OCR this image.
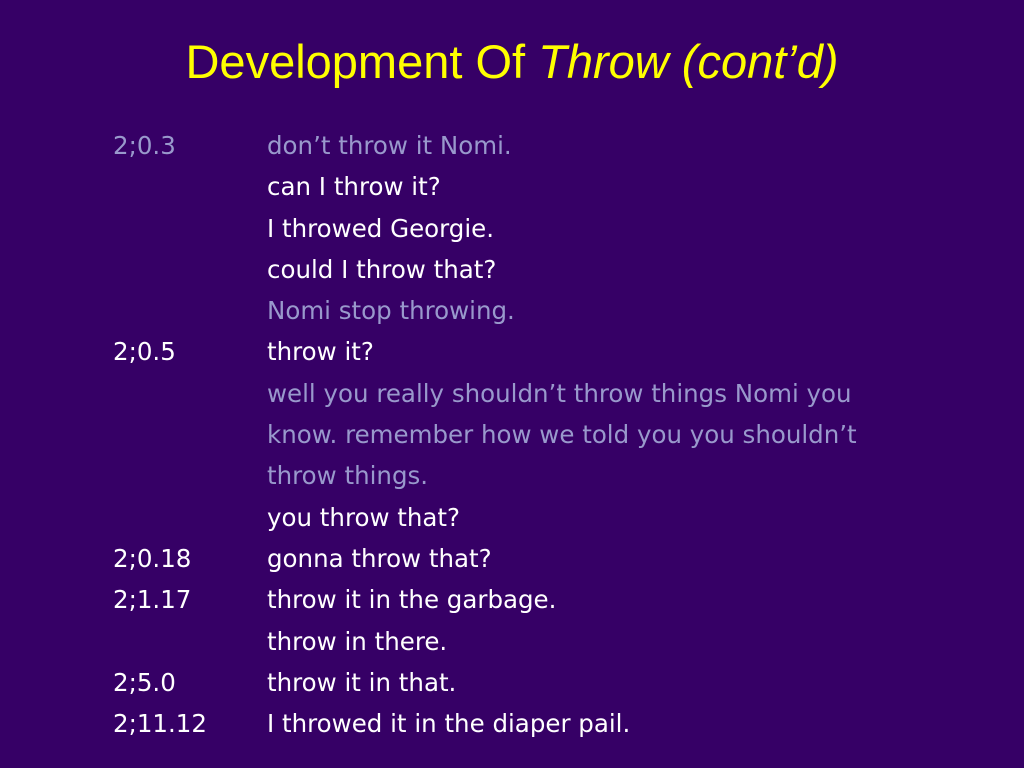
Development Of Throw (cont’d)
2;0.3	don’t throw it Nomi.
can I throw it?
I throwed Georgie.
could I throw that?
Nomi stop throwing.
2;0.5	throw it?
well you really shouldn’t throw things Nomi you
know. remember how we told you you shouldn’t
throw things.
you throw that?
2;0.18	gonna throw that?
2;1.17	throw it in the garbage.
throw in there.
2;5.0	throw it in that.
2;11.12	I throwed it in the diaper pail.
